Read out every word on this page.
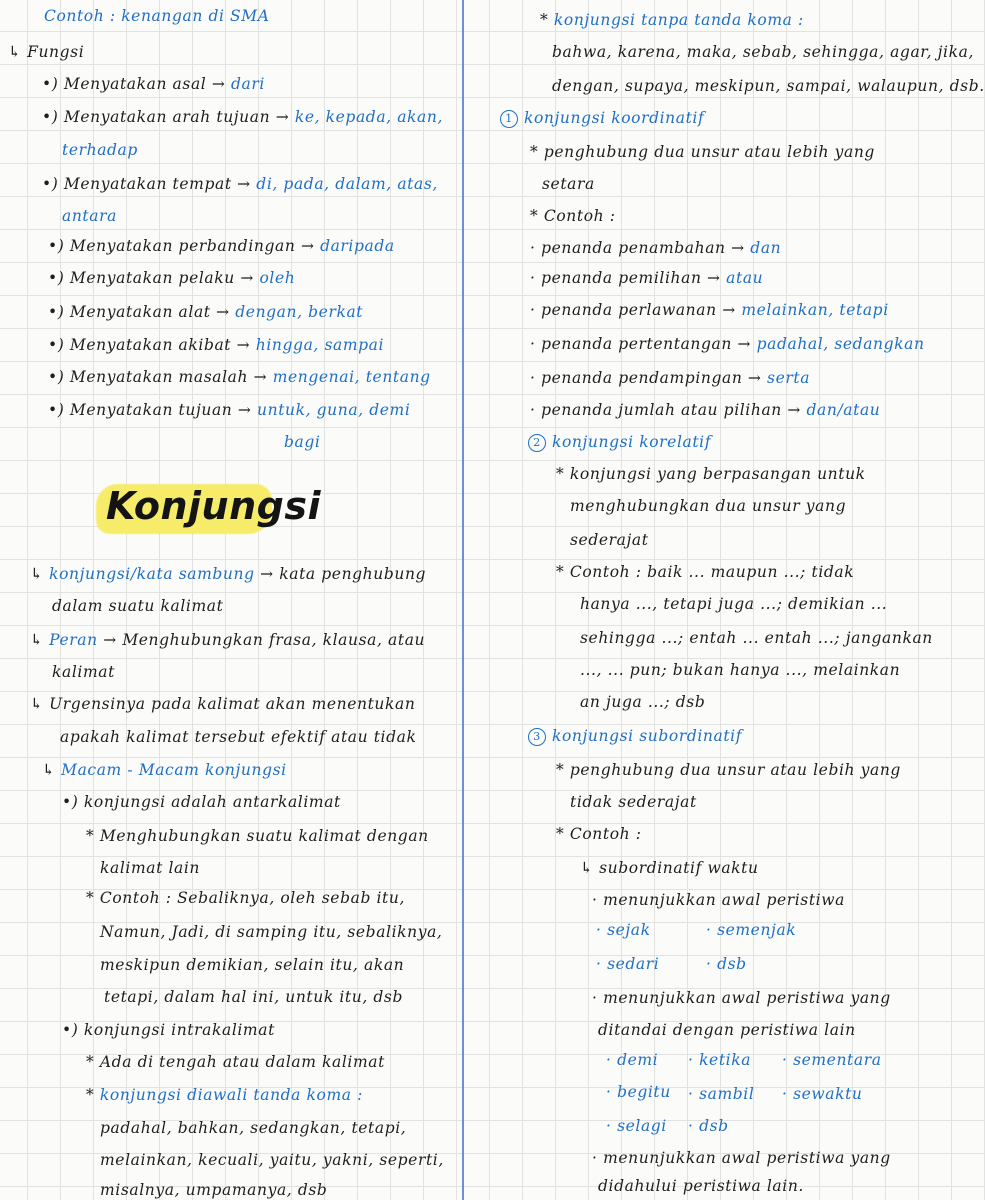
Contoh : kenangan di SMA
↳ Fungsi
•) Menyatakan asal → dari
•) Menyatakan arah tujuan → ke, kepada, akan,
terhadap
•) Menyatakan tempat → di, pada, dalam, atas,
antara
•) Menyatakan perbandingan → daripada
•) Menyatakan pelaku → oleh
•) Menyatakan alat → dengan, berkat
•) Menyatakan akibat → hingga, sampai
•) Menyatakan masalah → mengenai, tentang
•) Menyatakan tujuan → untuk, guna, demi
bagi
Konjungsi
↳ konjungsi/kata sambung → kata penghubung
dalam suatu kalimat
↳ Peran → Menghubungkan frasa, klausa, atau
kalimat
↳ Urgensinya pada kalimat akan menentukan
apakah kalimat tersebut efektif atau tidak
↳ Macam - Macam konjungsi
•) konjungsi adalah antarkalimat
* Menghubungkan suatu kalimat dengan
kalimat lain
* Contoh : Sebaliknya, oleh sebab itu,
Namun, Jadi, di samping itu, sebaliknya,
meskipun demikian, selain itu, akan
tetapi, dalam hal ini, untuk itu, dsb
•) konjungsi intrakalimat
* Ada di tengah atau dalam kalimat
* konjungsi diawali tanda koma :
padahal, bahkan, sedangkan, tetapi,
melainkan, kecuali, yaitu, yakni, seperti,
misalnya, umpamanya, dsb
* konjungsi tanpa tanda koma :
bahwa, karena, maka, sebab, sehingga, agar, jika,
dengan, supaya, meskipun, sampai, walaupun, dsb.
1 konjungsi koordinatif
* penghubung dua unsur atau lebih yang
setara
* Contoh :
· penanda penambahan → dan
· penanda pemilihan → atau
· penanda perlawanan → melainkan, tetapi
· penanda pertentangan → padahal, sedangkan
· penanda pendampingan → serta
· penanda jumlah atau pilihan → dan/atau
2 konjungsi korelatif
* konjungsi yang berpasangan untuk
menghubungkan dua unsur yang
sederajat
* Contoh : baik ... maupun ...; tidak
hanya ..., tetapi juga ...; demikian ...
sehingga ...; entah ... entah ...; jangankan
..., ... pun; bukan hanya ..., melainkan
an juga ...; dsb
3 konjungsi subordinatif
* penghubung dua unsur atau lebih yang
tidak sederajat
* Contoh :
↳ subordinatif waktu
· menunjukkan awal peristiwa
· sejak	· semenjak
· sedari	· dsb
· menunjukkan awal peristiwa yang
ditandai dengan peristiwa lain
· demi · ketika · sementara
· begitu · sambil · sewaktu
· selagi · dsb
· menunjukkan awal peristiwa yang
didahului peristiwa lain.
